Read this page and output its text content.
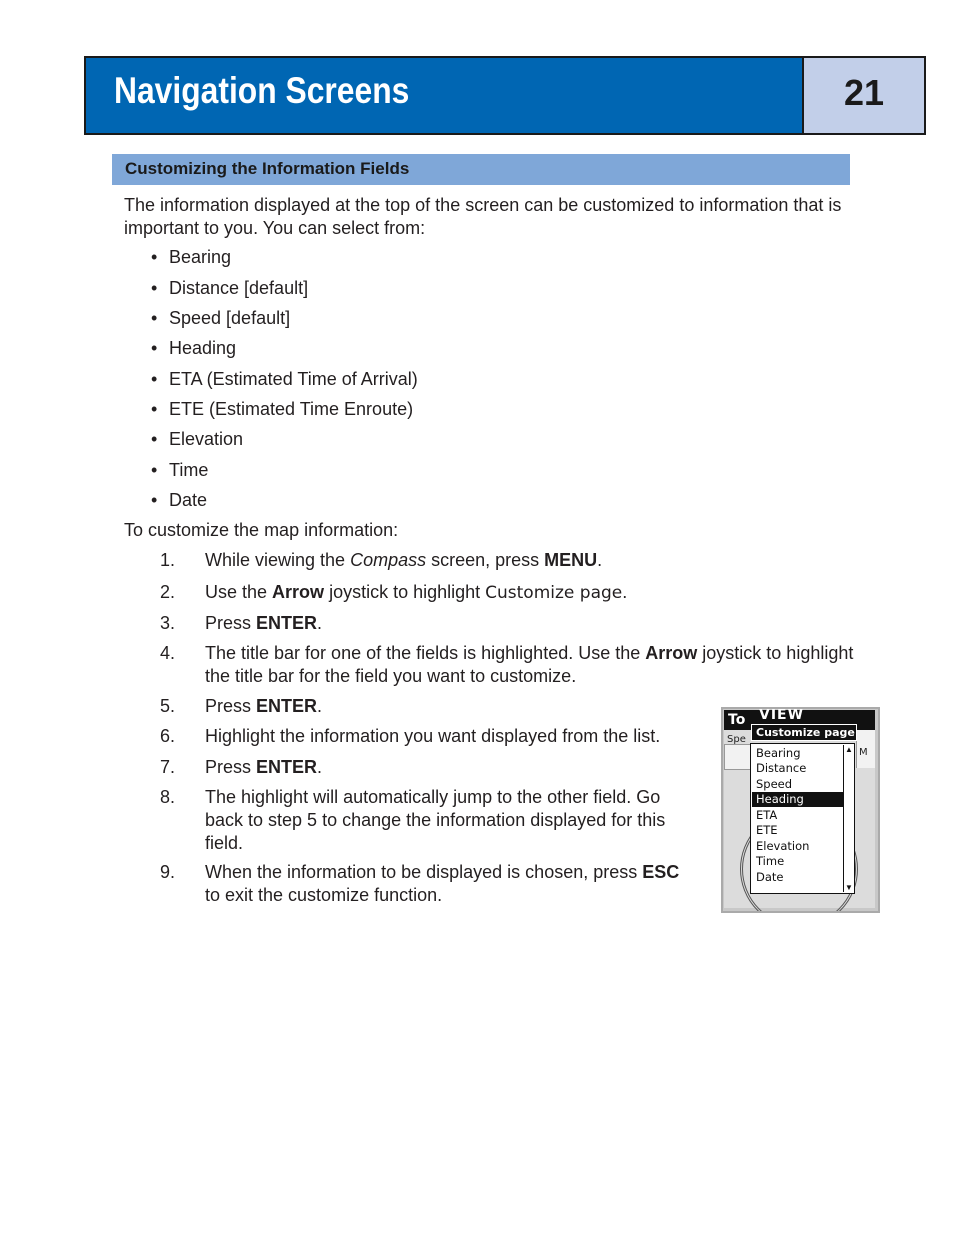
Navigation Screens	21
Customizing the Information Fields
The information displayed at the top of the screen can be customized to information that is important to you. You can select from:
• Bearing
• Distance [default]
• Speed [default]
• Heading
• ETA (Estimated Time of Arrival)
• ETE (Estimated Time Enroute)
• Elevation
• Time
• Date
To customize the map information:
1.	While viewing the Compass screen, press MENU.
2.	Use the Arrow joystick to highlight Customize page.
3.	Press ENTER.
4.	The title bar for one of the fields is highlighted. Use the Arrow joystick to highlight
the title bar for the field you want to customize.
5.	Press ENTER.
6.	Highlight the information you want displayed from the list.
7.	Press ENTER.
8.	The highlight will automatically jump to the other field. Go
back to step 5 to change the information displayed for this
field.
9.	When the information to be displayed is chosen, press ESC
to exit the customize function.
To VIEW
Spe
M
Customize page
Bearing
Distance
Speed
Heading
ETA
ETE
Elevation
Time
Date
▲
▼
